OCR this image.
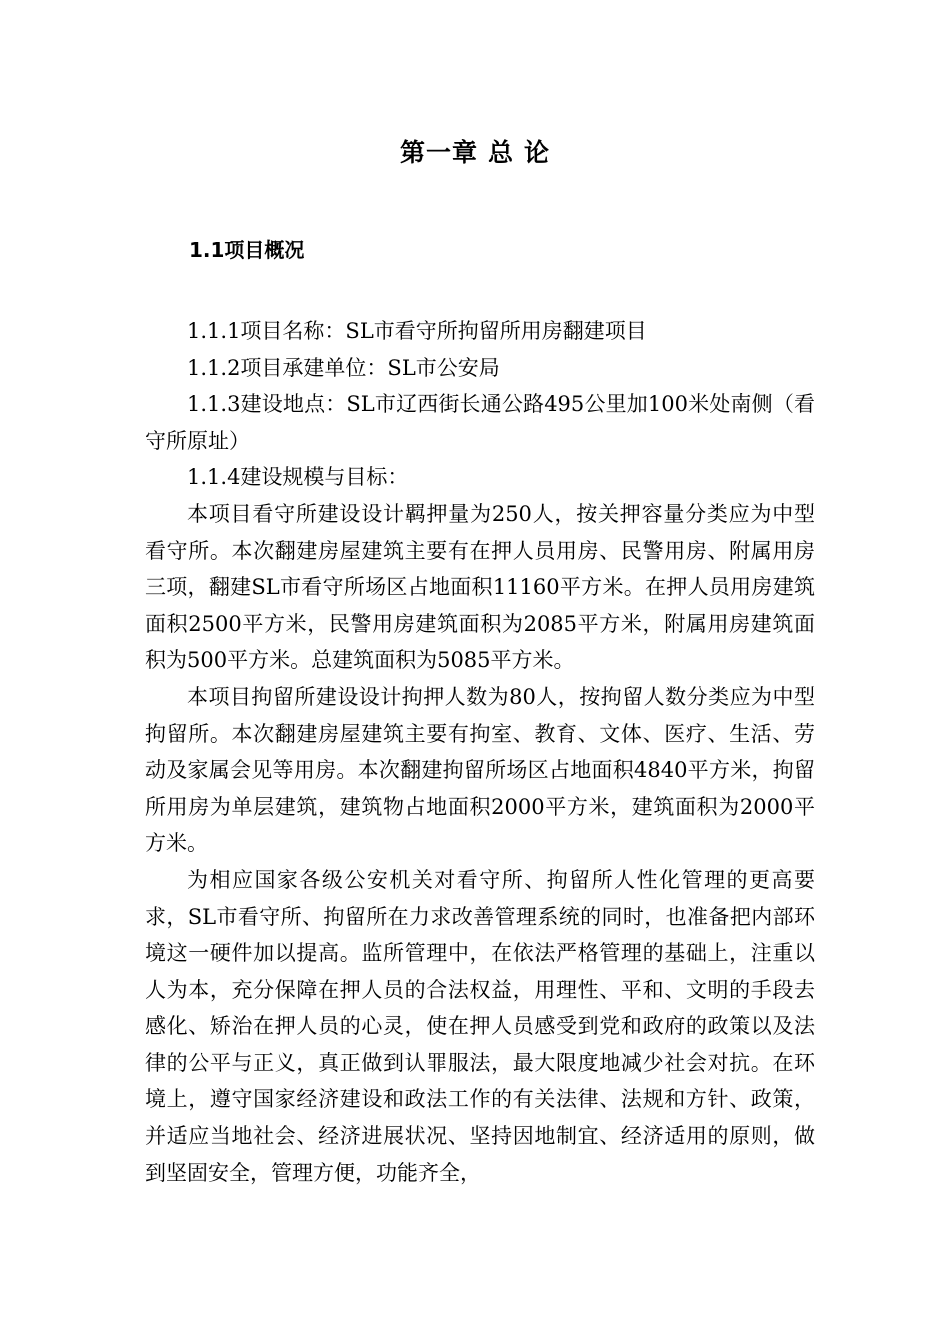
第一章 总 论
1.1项目概况

1.1.1项目名称：SL市看守所拘留所用房翻建项目

1.1.2项目承建单位：SL市公安局

1.1.3建设地点：SL市辽西街长通公路495公里加100米处南侧（看守所原址）

1.1.4建设规模与目标：

本项目看守所建设设计羁押量为250人，按关押容量分类应为中型看守所。本次翻建房屋建筑主要有在押人员用房、民警用房、附属用房三项，翻建SL市看守所场区占地面积11160平方米。在押人员用房建筑面积2500平方米，民警用房建筑面积为2085平方米，附属用房建筑面积为500平方米。总建筑面积为5085平方米。

本项目拘留所建设设计拘押人数为80人，按拘留人数分类应为中型拘留所。本次翻建房屋建筑主要有拘室、教育、文体、医疗、生活、劳动及家属会见等用房。本次翻建拘留所场区占地面积4840平方米，拘留所用房为单层建筑，建筑物占地面积2000平方米，建筑面积为2000平方米。

为相应国家各级公安机关对看守所、拘留所人性化管理的更高要求，SL市看守所、拘留所在力求改善管理系统的同时，也准备把内部环境这一硬件加以提高。监所管理中，在依法严格管理的基础上，注重以人为本，充分保障在押人员的合法权益，用理性、平和、文明的手段去感化、矫治在押人员的心灵，使在押人员感受到党和政府的政策以及法律的公平与正义，真正做到认罪服法，最大限度地减少社会对抗。在环境上，遵守国家经济建设和政法工作的有关法律、法规和方针、政策，并适应当地社会、经济进展状况、坚持因地制宜、经济适用的原则，做到坚固安全，管理方便，功能齐全，
